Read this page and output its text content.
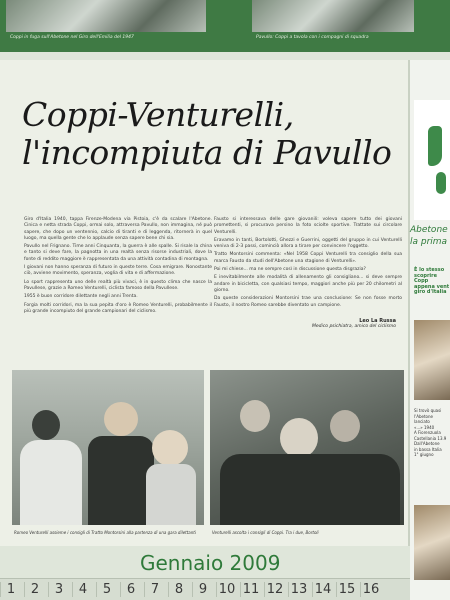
Coppi in fuga sull'Abetone nel Giro dell'Emilia del 1947	Pavullo: Coppi a tavola con i compagni di squadra
Coppi-Venturelli,
l'incompiuta di Pavullo

Giro d'Italia 1940, tappa Firenze-Modena via Pistoia, c'è da scalare l'Abetone. Cinica e netta strada Coppi, ormai solo, attraversa Pavullo, non immagina, né può sapere, che dopo un ventennio, calcio di tiranti e di leggenda, ritornerà in quel luogo, ma quella gente che lo applaude senza sapere bene chi sia.

Pavullo nel Frignano. Time anni Cinquanta, la guerra è alle spalle. Si risale la china e tanto si deve fare, la pagnotta in una realtà senza risorse industriali, dove la fonte di reddito maggiore è rappresentata da una attività contadina di montagna.

I giovani non hanno speranza di futuro in queste terre. Cosa emigrare. Nonostante ciò, avviene movimento, speranza, voglia di vita e di affermazione.

Lo sport rappresenta uno delle realtà più vivaci, è in questo clima che nasce la Pavullese, grazie a Romeo Venturelli, ciclista famoso della Pavullese.

1955 è buon corridore dilettante negli anni Trenta.

Forgia molti corridori, ma la sua pepita d'oro è Romeo Venturelli, probabilmente il più grande incompiuto del grande campionari del ciclismo.

Fausto si interessava delle gare giovanili: voleva sapere tutto dei giovani promettenti, si procurava persino la foto sciolte sportive. Trattate sui circolare Venturelli.

Eravamo in tanti, Bortolotti, Ghezzi e Guerrini, oggetti del gruppo in cui Venturelli veniva di 2-3 passi, cominciò allora a tirare per convincere l'oggetto.

Tratto Montorsini commenta: «Nel 1958 Coppi Venturelli tra consiglio della sua marca Fausto da studi dell'Abetone una stagione di Venturelli».

Poi mi chiese... ma ne sempre così in discussione questa disgrazia?

E inevitabilmente alle modalità di allenamento gli consigliano... si deve sempre andare in bicicletta, con qualsiasi tempo, maggiori anche più per 20 chilometri al giorno.

Da queste considerazioni Montorsini trae una conclusione: Se non fosse morto Fausto, il nostro Romeo sarebbe diventato un campione.

Leo La Russa
Medico psichiatra, amico del ciclismo
Romeo Venturelli assieme i consigli di Tratto Montorsini alla partenza di una gara dilettanti	Venturelli ascolta i consigli di Coppi. Tra i due, Bortoli
Gennaio 2009
1	2	3	4	5	6	7	8	9 10 11 12 13 14 15 16
Abetone
la prima
È lo stesso
scoprire Copp
appena vent
giro d'Italia
Si trovò quasi
l'Abetone lanciato
«...» 1940
A Fiorenzuola
Castellania 13.9
Dall'Abetone
in bassa Italia
1° giugno
